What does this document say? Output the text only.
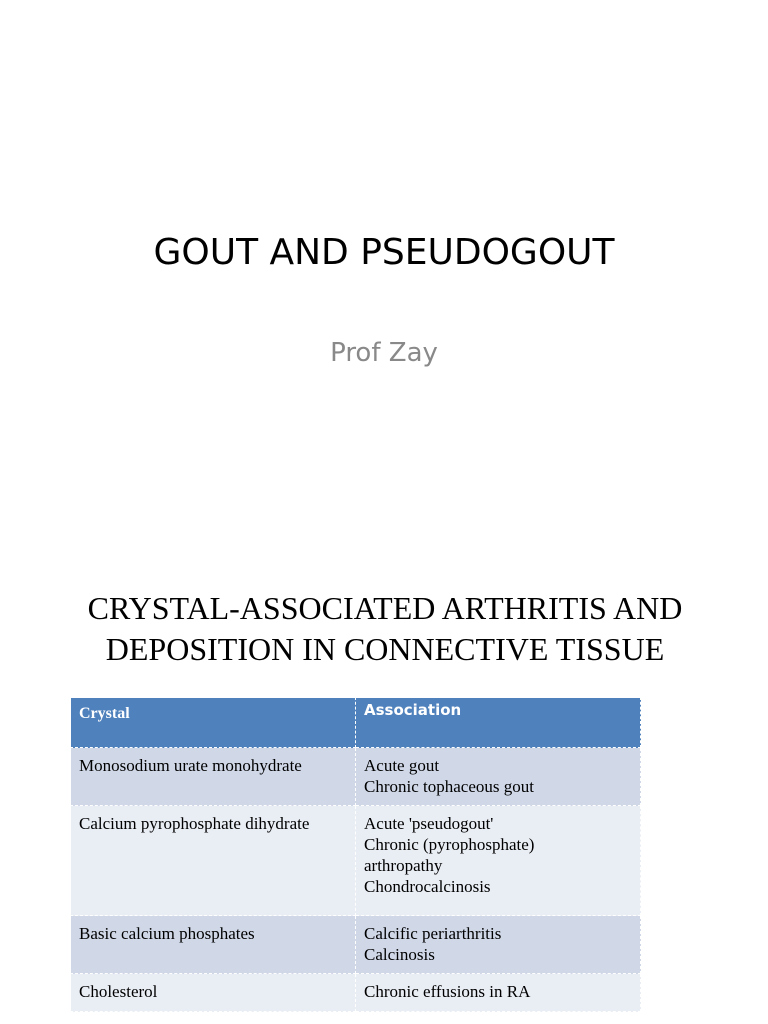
GOUT AND PSEUDOGOUT
Prof Zay
CRYSTAL-ASSOCIATED ARTHRITIS AND
DEPOSITION IN CONNECTIVE TISSUE
Crystal	Association
Monosodium urate monohydrate	Acute gout
Chronic tophaceous gout

Calcium pyrophosphate dihydrate	Acute 'pseudogout'
Chronic (pyrophosphate)
arthropathy
Chondrocalcinosis

Basic calcium phosphates	Calcific periarthritis
Calcinosis

Cholesterol	Chronic effusions in RA
